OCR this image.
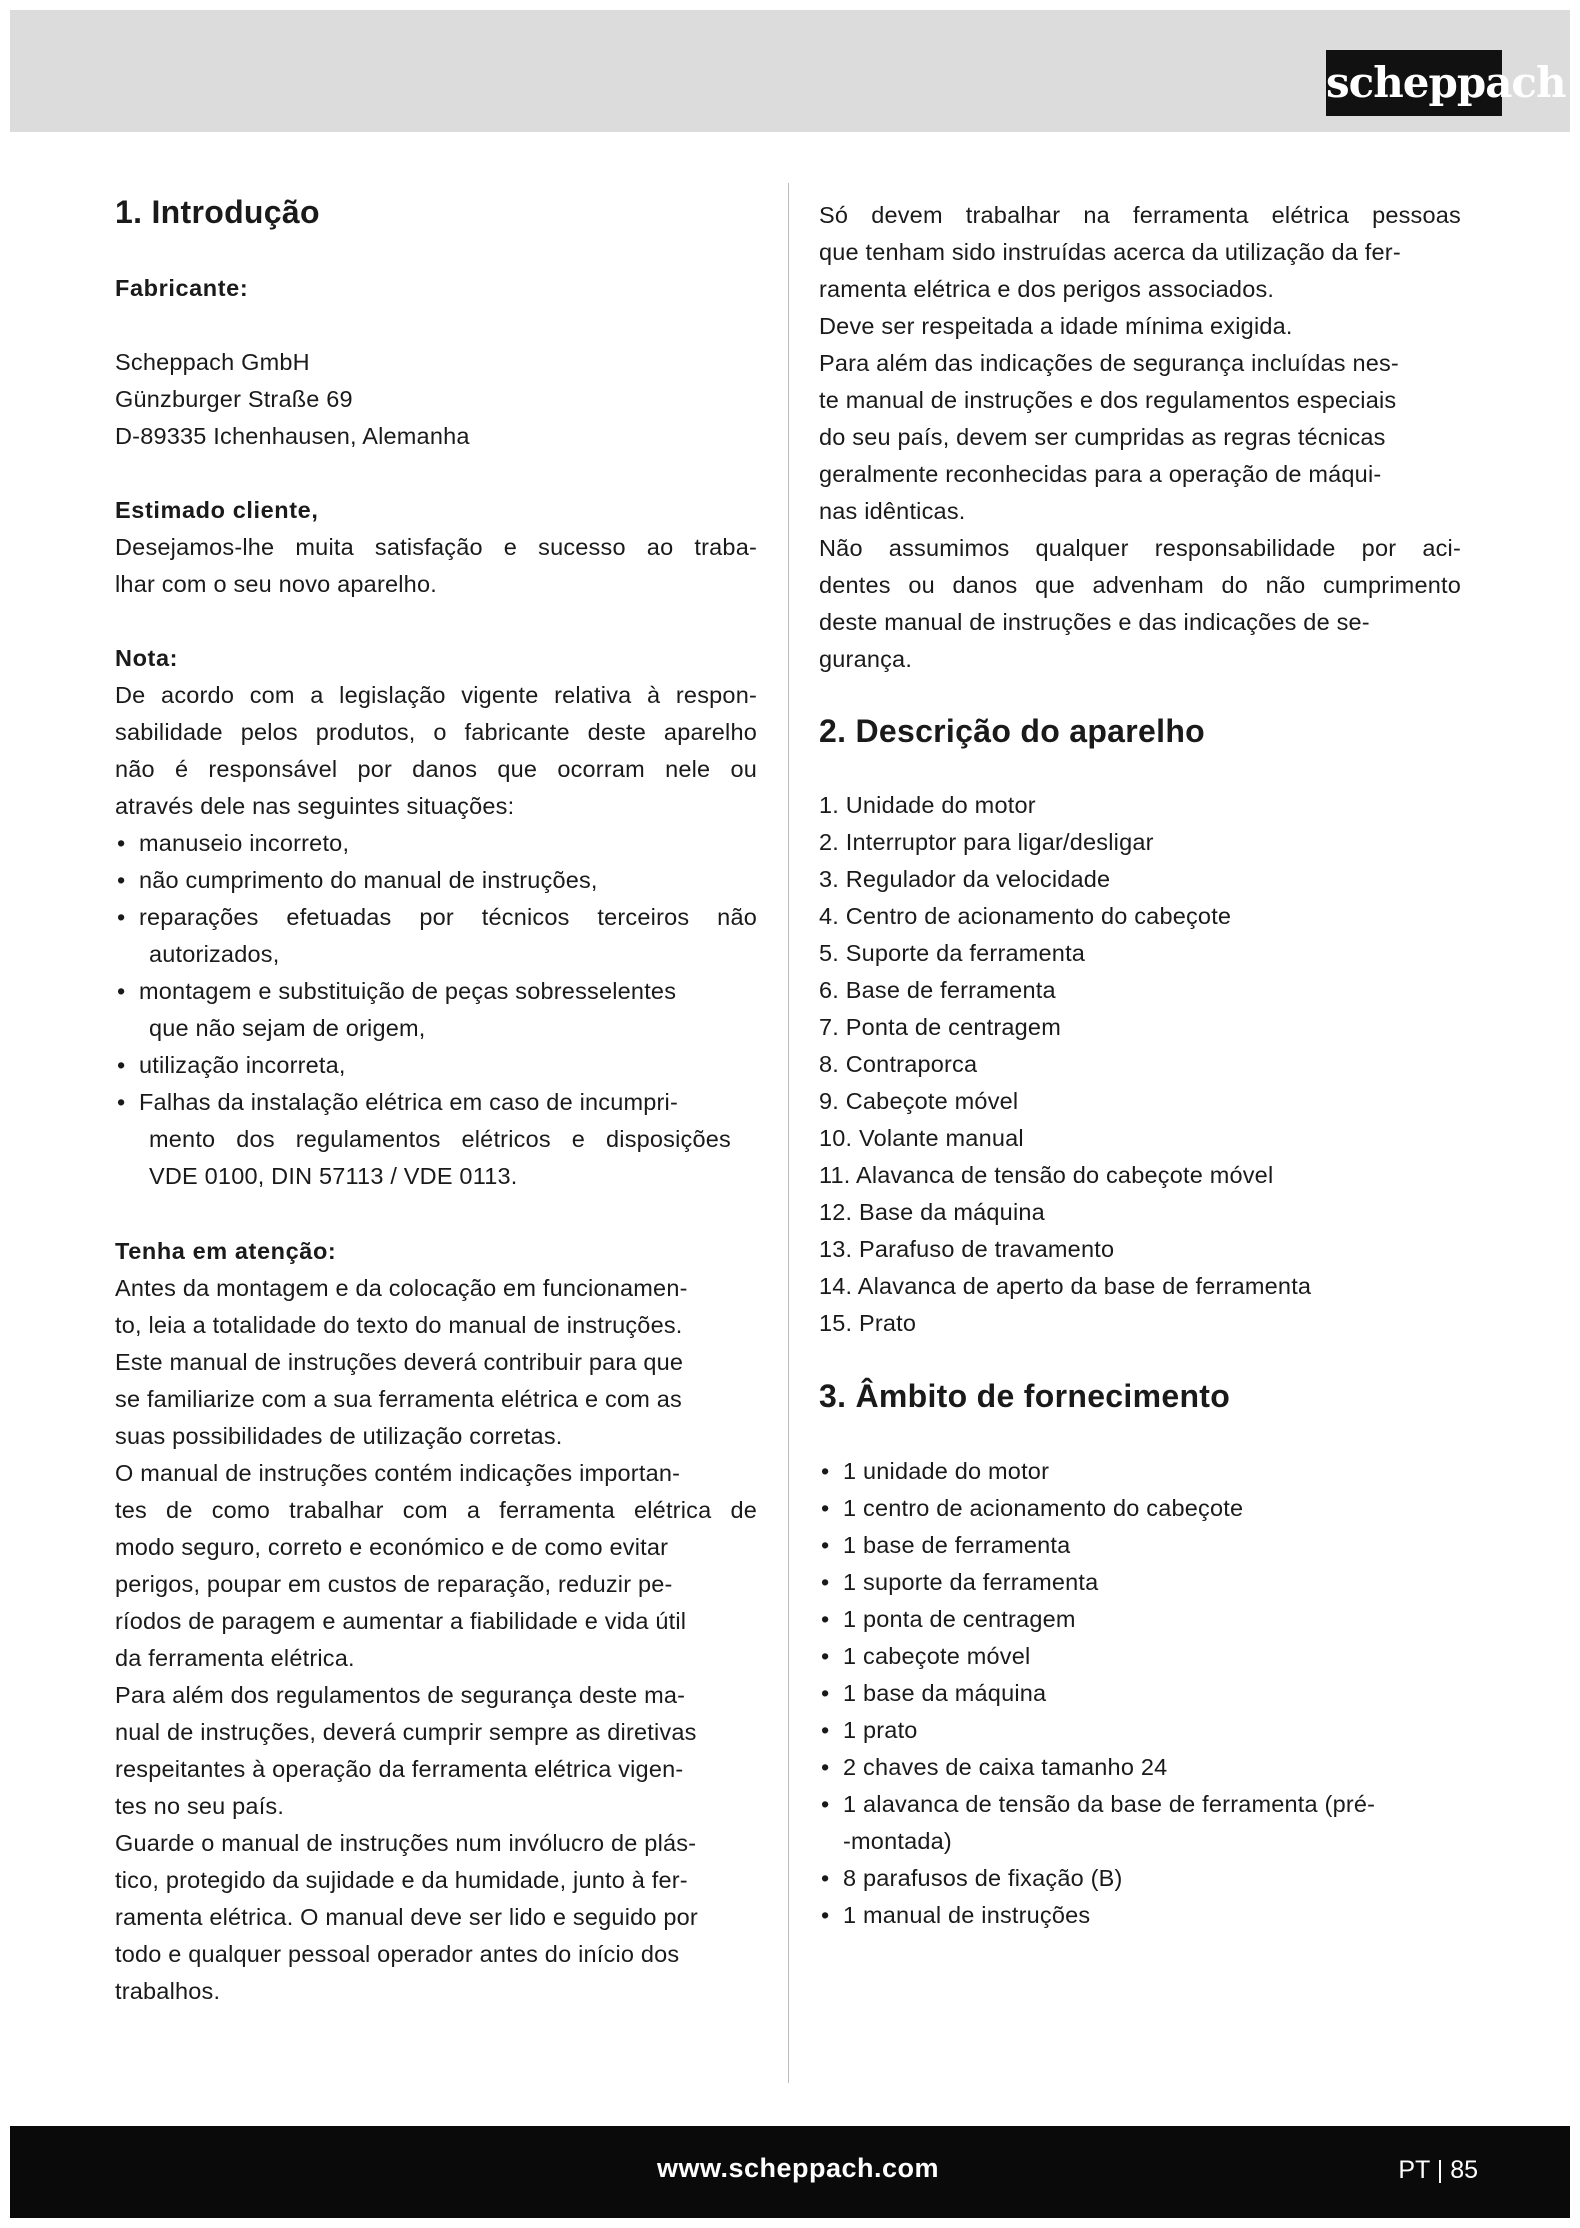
scheppach
1. Introdução
Fabricante:
Scheppach GmbH
Günzburger Straße 69
D-89335 Ichenhausen, Alemanha
Estimado cliente,
Desejamos-lhe muita satisfação e sucesso ao traba-
lhar com o seu novo aparelho.
Nota:
De acordo com a legislação vigente relativa à respon-
sabilidade pelos produtos, o fabricante deste aparelho
não é responsável por danos que ocorram nele ou
através dele nas seguintes situações:
• manuseio incorreto,
• não cumprimento do manual de instruções,
• reparações efetuadas por técnicos terceiros não
autorizados,
• montagem e substituição de peças sobresselentes
que não sejam de origem,
• utilização incorreta,
• Falhas da instalação elétrica em caso de incumpri-
mento dos regulamentos elétricos e disposições
VDE 0100, DIN 57113 / VDE 0113.
Tenha em atenção:
Antes da montagem e da colocação em funcionamen-
to, leia a totalidade do texto do manual de instruções.
Este manual de instruções deverá contribuir para que
se familiarize com a sua ferramenta elétrica e com as
suas possibilidades de utilização corretas.
O manual de instruções contém indicações importan-
tes de como trabalhar com a ferramenta elétrica de
modo seguro, correto e económico e de como evitar
perigos, poupar em custos de reparação, reduzir pe-
ríodos de paragem e aumentar a fiabilidade e vida útil
da ferramenta elétrica.
Para além dos regulamentos de segurança deste ma-
nual de instruções, deverá cumprir sempre as diretivas
respeitantes à operação da ferramenta elétrica vigen-
tes no seu país.
Guarde o manual de instruções num invólucro de plás-
tico, protegido da sujidade e da humidade, junto à fer-
ramenta elétrica. O manual deve ser lido e seguido por
todo e qualquer pessoal operador antes do início dos
trabalhos.
Só devem trabalhar na ferramenta elétrica pessoas
que tenham sido instruídas acerca da utilização da fer-
ramenta elétrica e dos perigos associados.
Deve ser respeitada a idade mínima exigida.
Para além das indicações de segurança incluídas nes-
te manual de instruções e dos regulamentos especiais
do seu país, devem ser cumpridas as regras técnicas
geralmente reconhecidas para a operação de máqui-
nas idênticas.
Não assumimos qualquer responsabilidade por aci-
dentes ou danos que advenham do não cumprimento
deste manual de instruções e das indicações de se-
gurança.
2. Descrição do aparelho
1. Unidade do motor
2. Interruptor para ligar/desligar
3. Regulador da velocidade
4. Centro de acionamento do cabeçote
5. Suporte da ferramenta
6. Base de ferramenta
7. Ponta de centragem
8. Contraporca
9. Cabeçote móvel
10. Volante manual
11. Alavanca de tensão do cabeçote móvel
12. Base da máquina
13. Parafuso de travamento
14. Alavanca de aperto da base de ferramenta
15. Prato
3. Âmbito de fornecimento
• 1 unidade do motor
• 1 centro de acionamento do cabeçote
• 1 base de ferramenta
• 1 suporte da ferramenta
• 1 ponta de centragem
• 1 cabeçote móvel
• 1 base da máquina
• 1 prato
• 2 chaves de caixa tamanho 24
• 1 alavanca de tensão da base de ferramenta (pré-
-montada)
• 8 parafusos de fixação (B)
• 1 manual de instruções
www.scheppach.com	PT | 85
